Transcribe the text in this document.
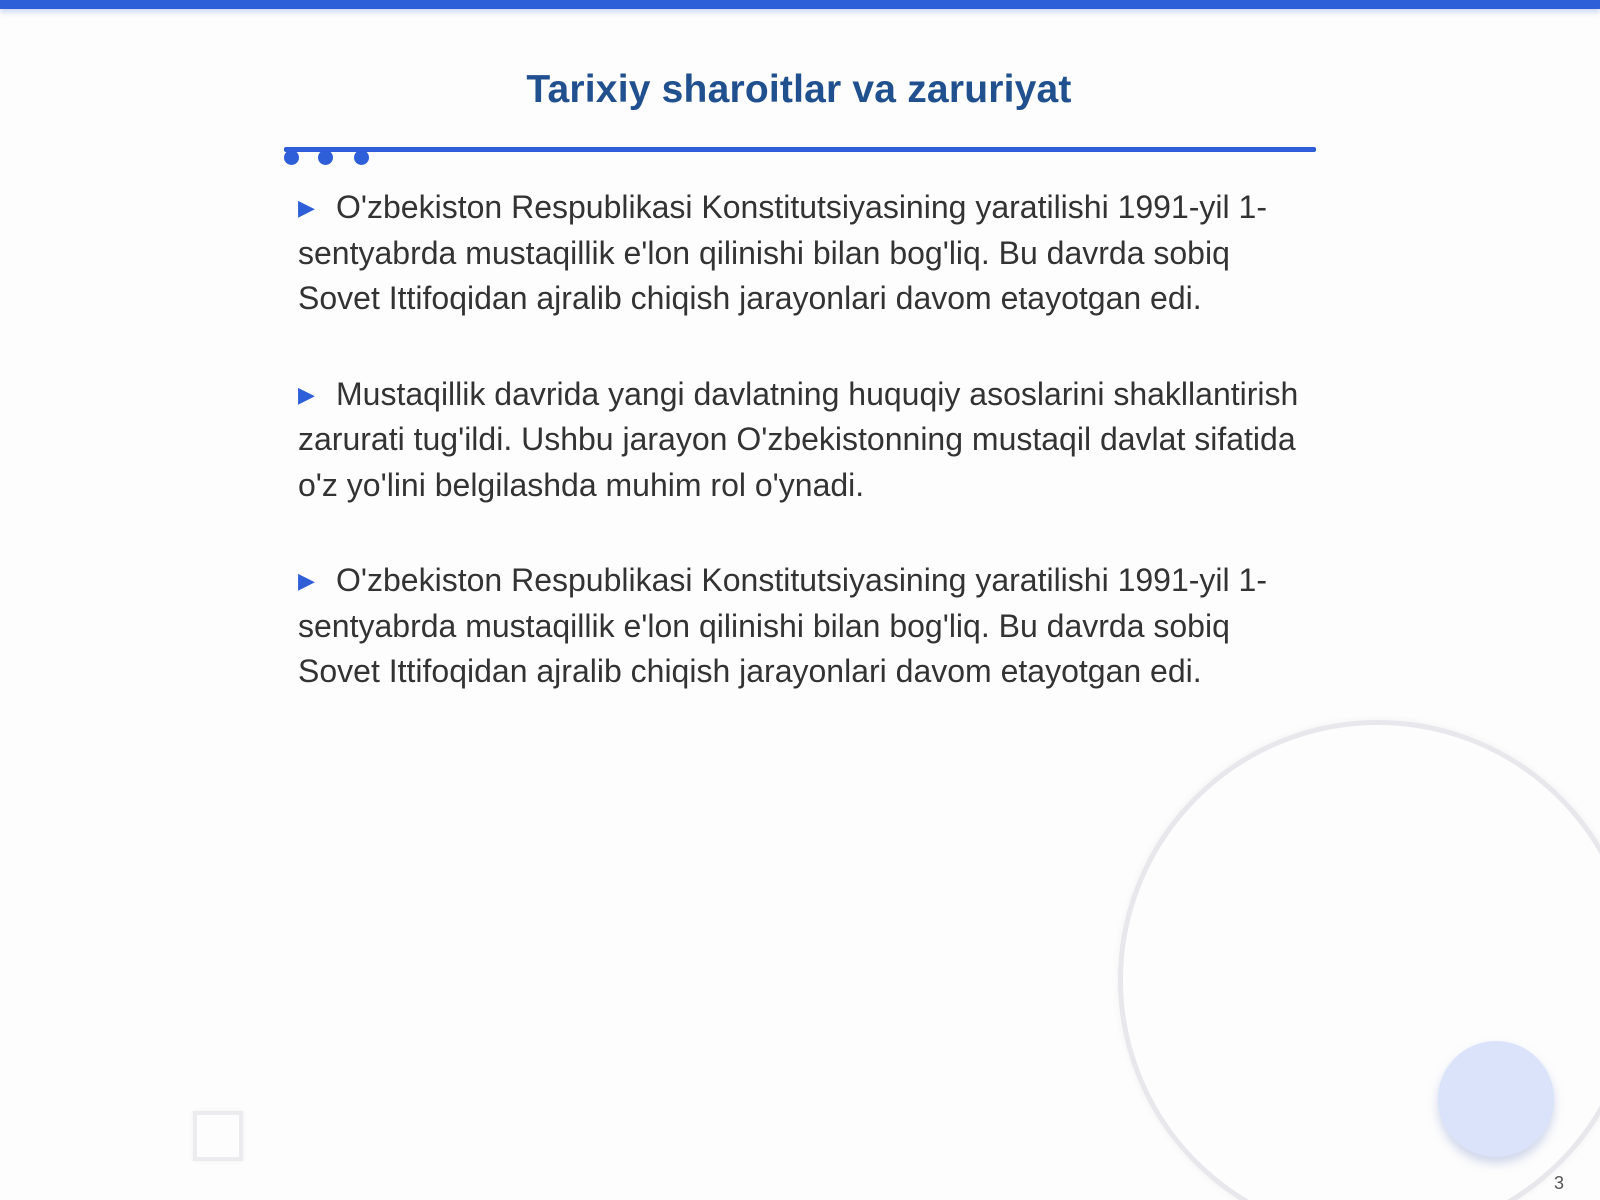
Tarixiy sharoitlar va zaruriyat

▶ O'zbekiston Respublikasi Konstitutsiyasining yaratilishi 1991-yil 1-sentyabrda mustaqillik e'lon qilinishi bilan bog'liq. Bu davrda sobiq Sovet Ittifoqidan ajralib chiqish jarayonlari davom etayotgan edi.

▶ Mustaqillik davrida yangi davlatning huquqiy asoslarini shakllantirish zarurati tug'ildi. Ushbu jarayon O'zbekistonning mustaqil davlat sifatida o'z yo'lini belgilashda muhim rol o'ynadi.

▶ O'zbekiston Respublikasi Konstitutsiyasining yaratilishi 1991-yil 1-sentyabrda mustaqillik e'lon qilinishi bilan bog'liq. Bu davrda sobiq Sovet Ittifoqidan ajralib chiqish jarayonlari davom etayotgan edi.

3
